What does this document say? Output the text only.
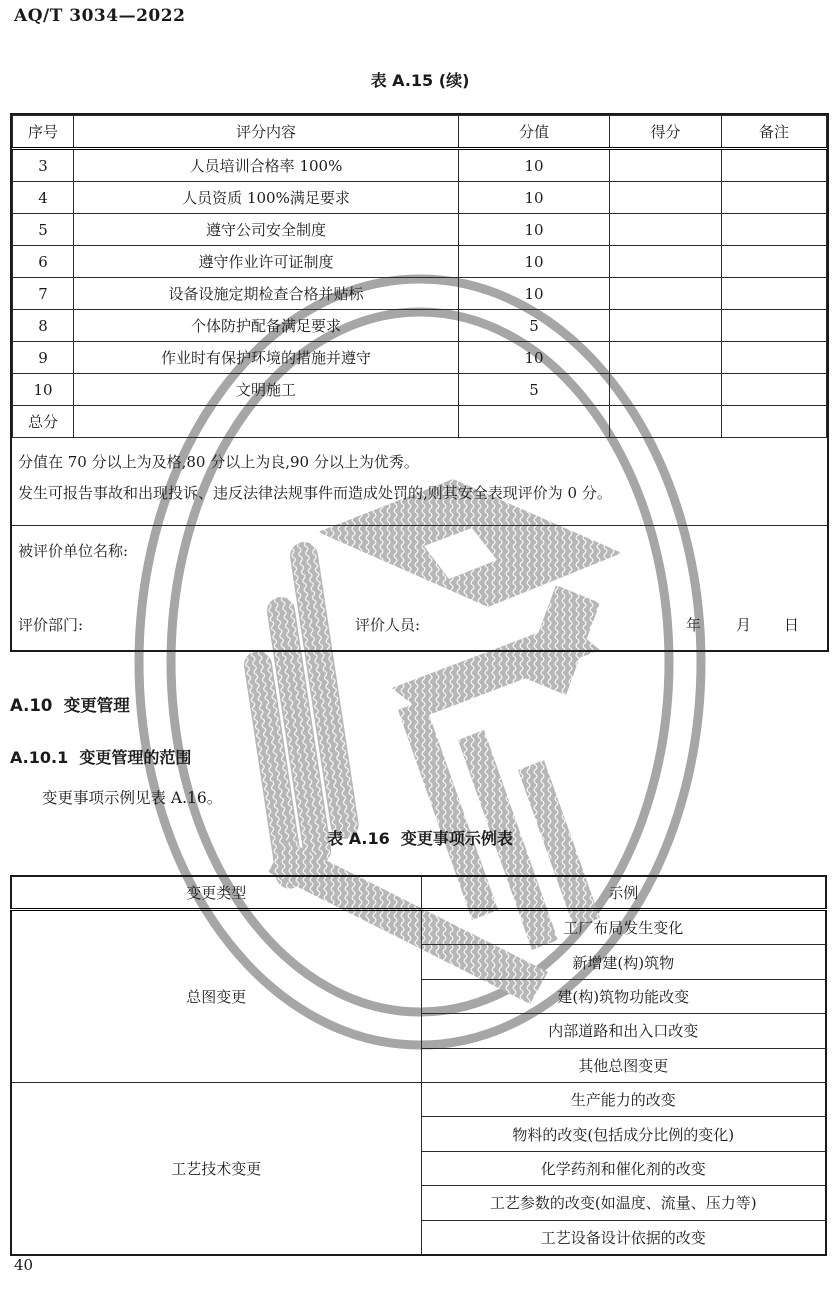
AQ/T 3034—2022
表 A.15 (续)
序号	评分内容	分值	得分	备注
3	人员培训合格率 100%	10		
4	人员资质 100%满足要求	10		
5	遵守公司安全制度	10		
6	遵守作业许可证制度	10		
7	设备设施定期检查合格并贴标	10		
8	个体防护配备满足要求	5		
9	作业时有保护环境的措施并遵守	10		
10	文明施工	5		
总分				
分值在 70 分以上为及格,80 分以上为良,90 分以上为优秀。
发生可报告事故和出现投诉、违反法律法规事件而造成处罚的,则其安全表现评价为 0 分。
被评价单位名称:
评价部门:	评价人员:	年 月 日
A.10  变更管理
A.10.1  变更管理的范围
变更事项示例见表 A.16。
表 A.16  变更事项示例表
变更类型	示例
总图变更	工厂布局发生变化
	新增建(构)筑物
	建(构)筑物功能改变
	内部道路和出入口改变
	其他总图变更
工艺技术变更	生产能力的改变
	物料的改变(包括成分比例的变化)
	化学药剂和催化剂的改变
	工艺参数的改变(如温度、流量、压力等)
	工艺设备设计依据的改变
40
